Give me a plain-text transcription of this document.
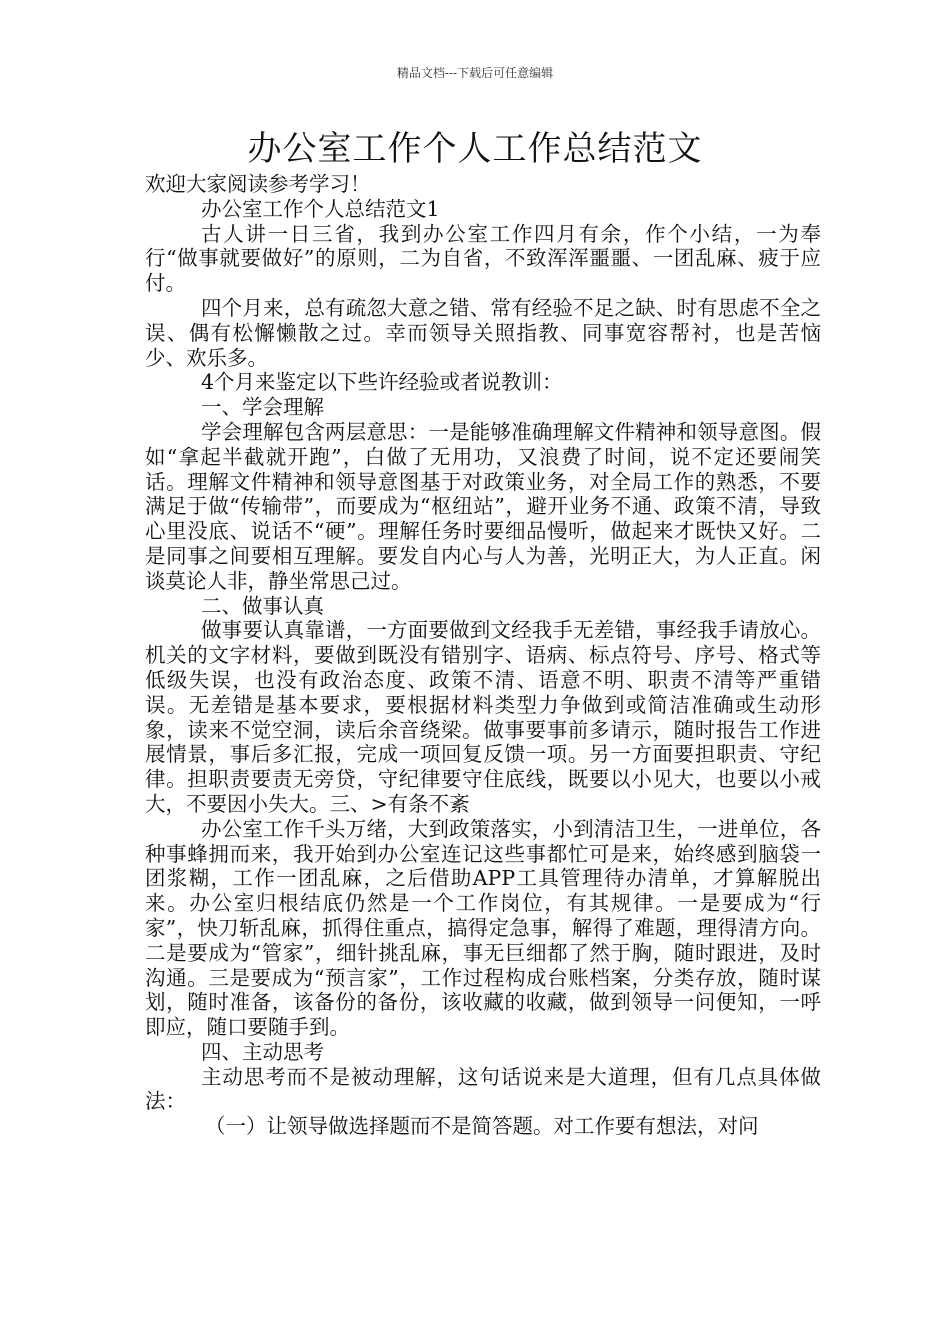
精品文档---下载后可任意编辑
办公室工作个人工作总结范文

欢迎大家阅读参考学习！

办公室工作个人总结范文1

古人讲一日三省，我到办公室工作四月有余，作个小结，一为奉行“做事就要做好”的原则，二为自省，不致浑浑噩噩、一团乱麻、疲于应付。

四个月来，总有疏忽大意之错、常有经验不足之缺、时有思虑不全之误、偶有松懈懒散之过。幸而领导关照指教、同事宽容帮衬，也是苦恼少、欢乐多。

4个月来鉴定以下些许经验或者说教训：

一、学会理解

学会理解包含两层意思：一是能够准确理解文件精神和领导意图。假如“拿起半截就开跑”，白做了无用功，又浪费了时间，说不定还要闹笑话。理解文件精神和领导意图基于对政策业务，对全局工作的熟悉，不要满足于做“传输带”，而要成为“枢纽站”，避开业务不通、政策不清，导致心里没底、说话不“硬”。理解任务时要细品慢听，做起来才既快又好。二是同事之间要相互理解。要发自内心与人为善，光明正大，为人正直。闲谈莫论人非，静坐常思己过。

二、做事认真

做事要认真靠谱，一方面要做到文经我手无差错，事经我手请放心。机关的文字材料，要做到既没有错别字、语病、标点符号、序号、格式等低级失误，也没有政治态度、政策不清、语意不明、职责不清等严重错误。无差错是基本要求，要根据材料类型力争做到或简洁准确或生动形象，读来不觉空洞，读后余音绕梁。做事要事前多请示，随时报告工作进展情景，事后多汇报，完成一项回复反馈一项。另一方面要担职责、守纪律。担职责要责无旁贷，守纪律要守住底线，既要以小见大，也要以小戒大，不要因小失大。三、>有条不紊

办公室工作千头万绪，大到政策落实，小到清洁卫生，一进单位，各种事蜂拥而来，我开始到办公室连记这些事都忙可是来，始终感到脑袋一团浆糊，工作一团乱麻，之后借助APP工具管理待办清单，才算解脱出来。办公室归根结底仍然是一个工作岗位，有其规律。一是要成为“行家”，快刀斩乱麻，抓得住重点，搞得定急事，解得了难题，理得清方向。二是要成为“管家”，细针挑乱麻，事无巨细都了然于胸，随时跟进，及时沟通。三是要成为“预言家”，工作过程构成台账档案，分类存放，随时谋划，随时准备，该备份的备份，该收藏的收藏，做到领导一问便知，一呼即应，随口要随手到。

四、主动思考

主动思考而不是被动理解，这句话说来是大道理，但有几点具体做法：

（一）让领导做选择题而不是简答题。对工作要有想法，对问
